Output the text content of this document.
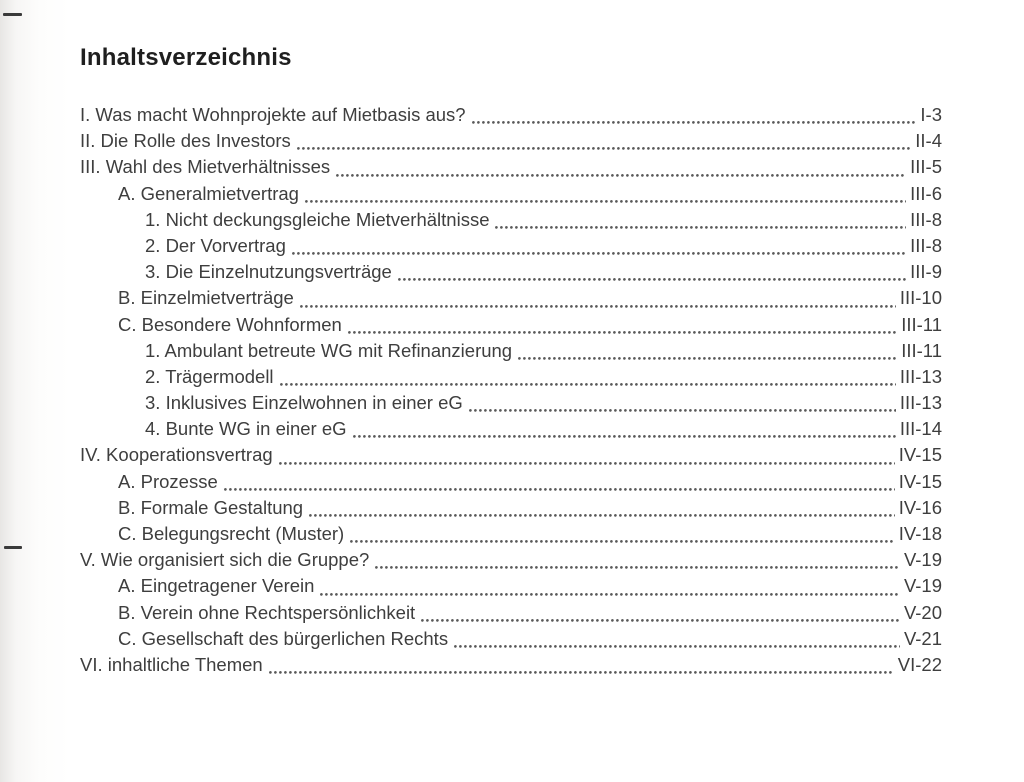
Inhaltsverzeichnis
I. Was macht Wohnprojekte auf Mietbasis aus?	I-3
II. Die Rolle des Investors	II-4
III. Wahl des Mietverhältnisses	III-5
A. Generalmietvertrag	III-6
1. Nicht deckungsgleiche Mietverhältnisse	III-8
2. Der Vorvertrag	III-8
3. Die Einzelnutzungsverträge	III-9
B. Einzelmietverträge	III-10
C. Besondere Wohnformen	III-11
1. Ambulant betreute WG mit Refinanzierung	III-11
2. Trägermodell	III-13
3. Inklusives Einzelwohnen in einer eG	III-13
4. Bunte WG in einer eG	III-14
IV. Kooperationsvertrag	IV-15
A. Prozesse	IV-15
B. Formale Gestaltung	IV-16
C. Belegungsrecht (Muster)	IV-18
V. Wie organisiert sich die Gruppe?	V-19
A. Eingetragener Verein	V-19
B. Verein ohne Rechtspersönlichkeit	V-20
C. Gesellschaft des bürgerlichen Rechts	V-21
VI. inhaltliche Themen	VI-22
